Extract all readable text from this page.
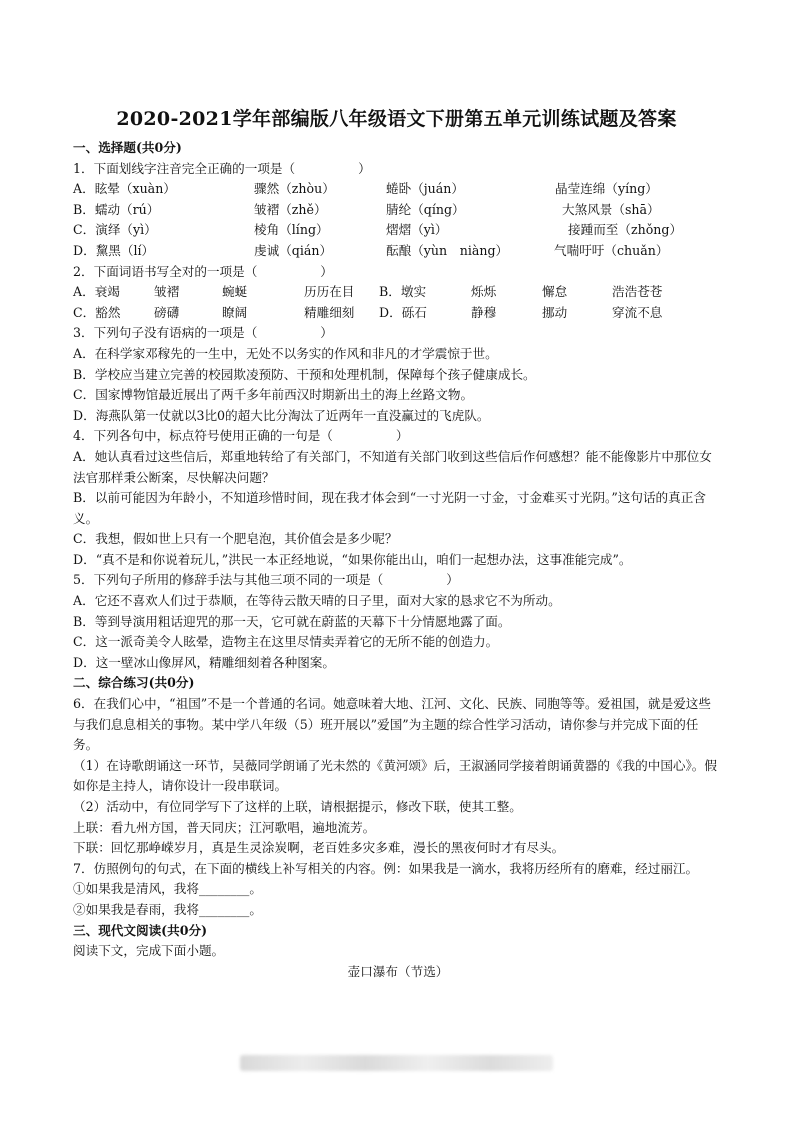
2020-2021学年部编版八年级语文下册第五单元训练试题及答案
一、选择题(共0分)
1．下面划线字注音完全正确的一项是（　　　　　）
A．眩晕（xuàn）	骤然（zhòu）	蜷卧（juán）	晶莹连绵（yíng）
B．蠕动（rú）	皱褶（zhě）	腈纶（qíng）	大煞风景（shā）
C．演绎（yì）	棱角（líng）	熠熠（yì）	接踵而至（zhǒng）
D．黧黑（lí）	虔诚（qián）	酝酿（yùn　niàng）	气喘吁吁（chuǎn）
2．下面词语书写全对的一项是（　　　　　）
A．衰竭	皱褶	蜿蜒	历历在目	B．墩实	烁烁	懈怠	浩浩苍苍
C．豁然	磅礴	瞭阔	精雕细刻	D．砾石	静穆	挪动	穿流不息
3．下列句子没有语病的一项是（　　　　　）
A．在科学家邓稼先的一生中，无处不以务实的作风和非凡的才学震惊于世。
B．学校应当建立完善的校园欺凌预防、干预和处理机制，保障每个孩子健康成长。
C．国家博物馆最近展出了两千多年前西汉时期新出土的海上丝路文物。
D．海燕队第一仗就以3比0的超大比分淘汰了近两年一直没赢过的飞虎队。
4．下列各句中，标点符号使用正确的一句是（　　　　　）
A．她认真看过这些信后，郑重地转给了有关部门，不知道有关部门收到这些信后作何感想？能不能像影片中那位女法官那样秉公断案，尽快解决问题？
B．以前可能因为年龄小，不知道珍惜时间，现在我才体会到“一寸光阴一寸金，寸金难买寸光阴。”这句话的真正含义。
C．我想，假如世上只有一个肥皂泡，其价值会是多少呢？
D．“真不是和你说着玩儿，”洪民一本正经地说，“如果你能出山，咱们一起想办法，这事准能完成”。
5．下列句子所用的修辞手法与其他三项不同的一项是（　　　　　）
A．它还不喜欢人们过于恭顺，在等待云散天晴的日子里，面对大家的恳求它不为所动。
B．等到导演用粗话迎咒的那一天，它可就在蔚蓝的天幕下十分情愿地露了面。
C．这一派奇美令人眩晕，造物主在这里尽情卖弄着它的无所不能的创造力。
D．这一壁冰山像屏风，精雕细刻着各种图案。
二、综合练习(共0分)
6．在我们心中，“祖国”不是一个普通的名词。她意味着大地、江河、文化、民族、同胞等等。爱祖国，就是爱这些与我们息息相关的事物。某中学八年级（5）班开展以”爱国”为主题的综合性学习活动，请你参与并完成下面的任务。
（1）在诗歌朗诵这一环节，吴薇同学朗诵了光未然的《黄河颂》后，王淑涵同学接着朗诵黄器的《我的中国心》。假如你是主持人，请你设计一段串联词。
（2）活动中，有位同学写下了这样的上联，请根据提示，修改下联，使其工整。
上联：看九州方国，普天同庆；江河歌唱，遍地流芳。
下联：回忆那峥嵘岁月，真是生灵涂炭啊，老百姓多灾多难，漫长的黑夜何时才有尽头。
7．仿照例句的句式，在下面的横线上补写相关的内容。例：如果我是一滴水，我将历经所有的磨难，经过丽江。
①如果我是清风，我将________。
②如果我是春雨，我将________。
三、现代文阅读(共0分)
阅读下文，完成下面小题。
壶口瀑布（节选）
